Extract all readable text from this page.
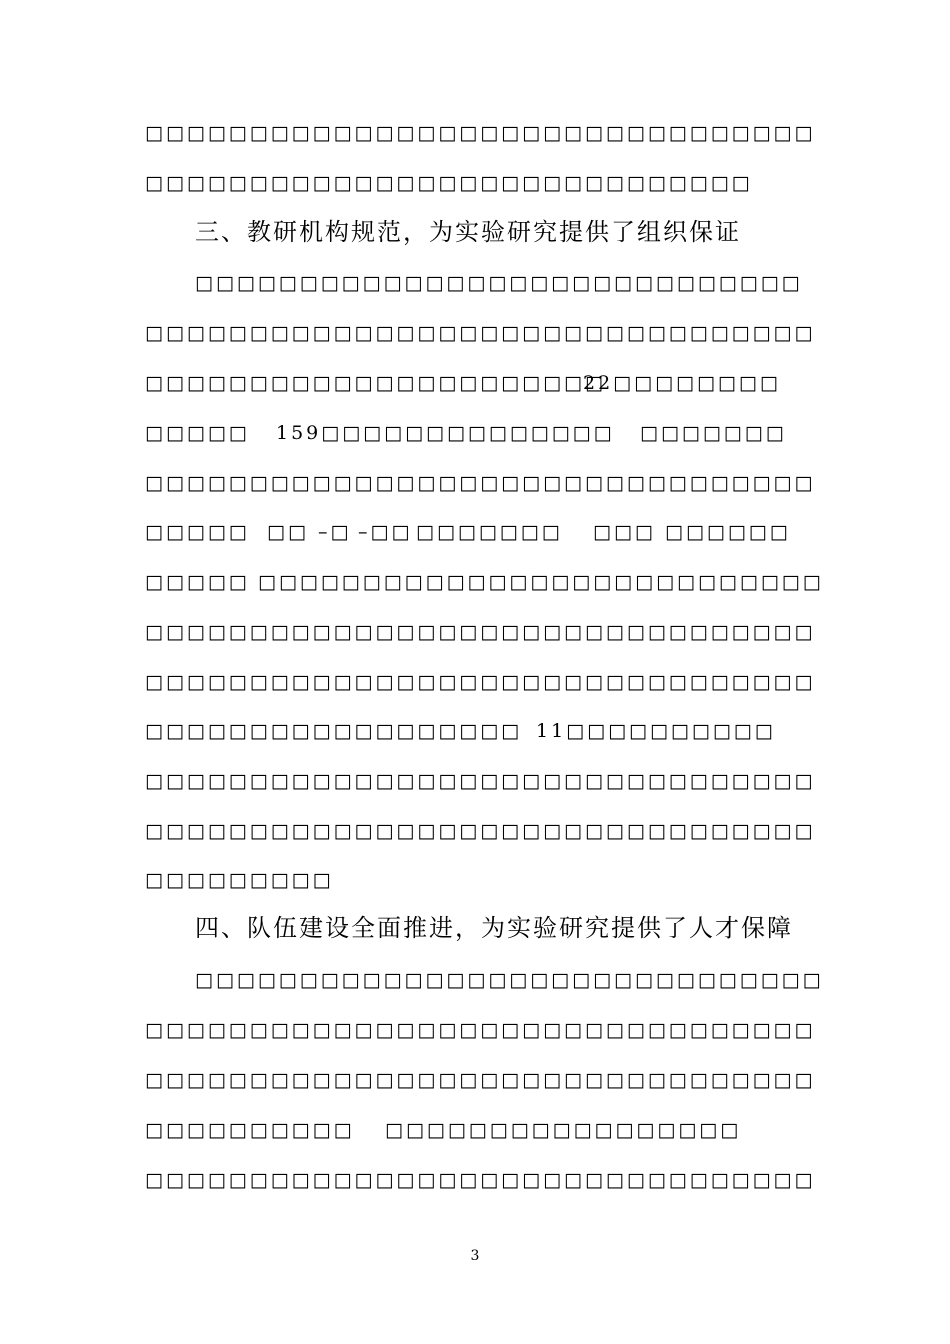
□□□□□□□□□□□□□□□□□□□□□□□□□□□□□□□□

□□□□□□□□□□□□□□□□□□□□□□□□□□□□□

三、教研机构规范，为实验研究提供了组织保证

□□□□□□□□□□□□□□□□□□□□□□□□□□□□□

□□□□□□□□□□□□□□□□□□□□□□□□□□□□□□□□

□□□□□□□□□□□□□□□□□□□□□□

22□□□□□□□□

□□□□□

159□□□□□□□□□□□□□□

□□□□□□□

□□□□□□□□□□□□□□□□□□□□□□□□□□□□□□□□

□□□□□

□□

–□

–□□

□□□□□□□

□□□

□□□□□□

□□□□□

□□□□□□□□□□□□□□□□□□□□□□□□□□□

□□□□□□□□□□□□□□□□□□□□□□□□□□□□□□□□

□□□□□□□□□□□□□□□□□□□□□□□□□□□□□□□□

□□□□□□□□□□□□□□□□□□

11□□□□□□□□□□

□□□□□□□□□□□□□□□□□□□□□□□□□□□□□□□□

□□□□□□□□□□□□□□□□□□□□□□□□□□□□□□□□

□□□□□□□□□

四、队伍建设全面推进，为实验研究提供了人才保障

□□□□□□□□□□□□□□□□□□□□□□□□□□□□□□

□□□□□□□□□□□□□□□□□□□□□□□□□□□□□□□□

□□□□□□□□□□□□□□□□□□□□□□□□□□□□□□□□

□□□□□□□□□□

□□□□□□□□□□□□□□□□□

□□□□□□□□□□□□□□□□□□□□□□□□□□□□□□□□

3
